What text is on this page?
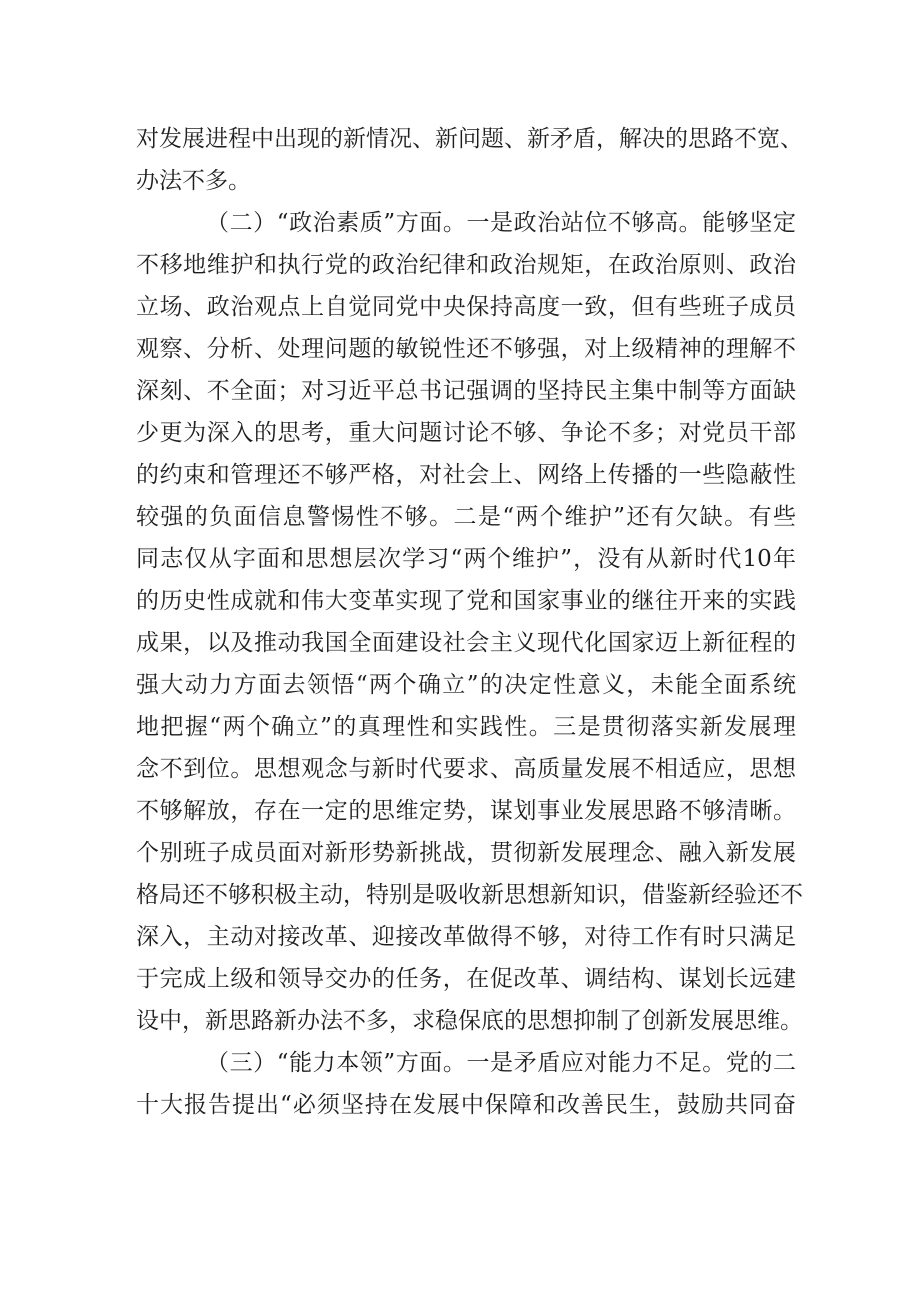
对发展进程中出现的新情况、新问题、新矛盾，解决的思路不宽、
办法不多。
（二）“政治素质”方面。一是政治站位不够高。能够坚定
不移地维护和执行党的政治纪律和政治规矩，在政治原则、政治
立场、政治观点上自觉同党中央保持高度一致，但有些班子成员
观察、分析、处理问题的敏锐性还不够强，对上级精神的理解不
深刻、不全面；对习近平总书记强调的坚持民主集中制等方面缺
少更为深入的思考，重大问题讨论不够、争论不多；对党员干部
的约束和管理还不够严格，对社会上、网络上传播的一些隐蔽性
较强的负面信息警惕性不够。二是“两个维护”还有欠缺。有些
同志仅从字面和思想层次学习“两个维护”，没有从新时代10年
的历史性成就和伟大变革实现了党和国家事业的继往开来的实践
成果，以及推动我国全面建设社会主义现代化国家迈上新征程的
强大动力方面去领悟“两个确立”的决定性意义，未能全面系统
地把握“两个确立”的真理性和实践性。三是贯彻落实新发展理
念不到位。思想观念与新时代要求、高质量发展不相适应，思想
不够解放，存在一定的思维定势，谋划事业发展思路不够清晰。
个别班子成员面对新形势新挑战，贯彻新发展理念、融入新发展
格局还不够积极主动，特别是吸收新思想新知识，借鉴新经验还不
深入，主动对接改革、迎接改革做得不够，对待工作有时只满足
于完成上级和领导交办的任务，在促改革、调结构、谋划长远建
设中，新思路新办法不多，求稳保底的思想抑制了创新发展思维。
（三）“能力本领”方面。一是矛盾应对能力不足。党的二
十大报告提出“必须坚持在发展中保障和改善民生，鼓励共同奋
